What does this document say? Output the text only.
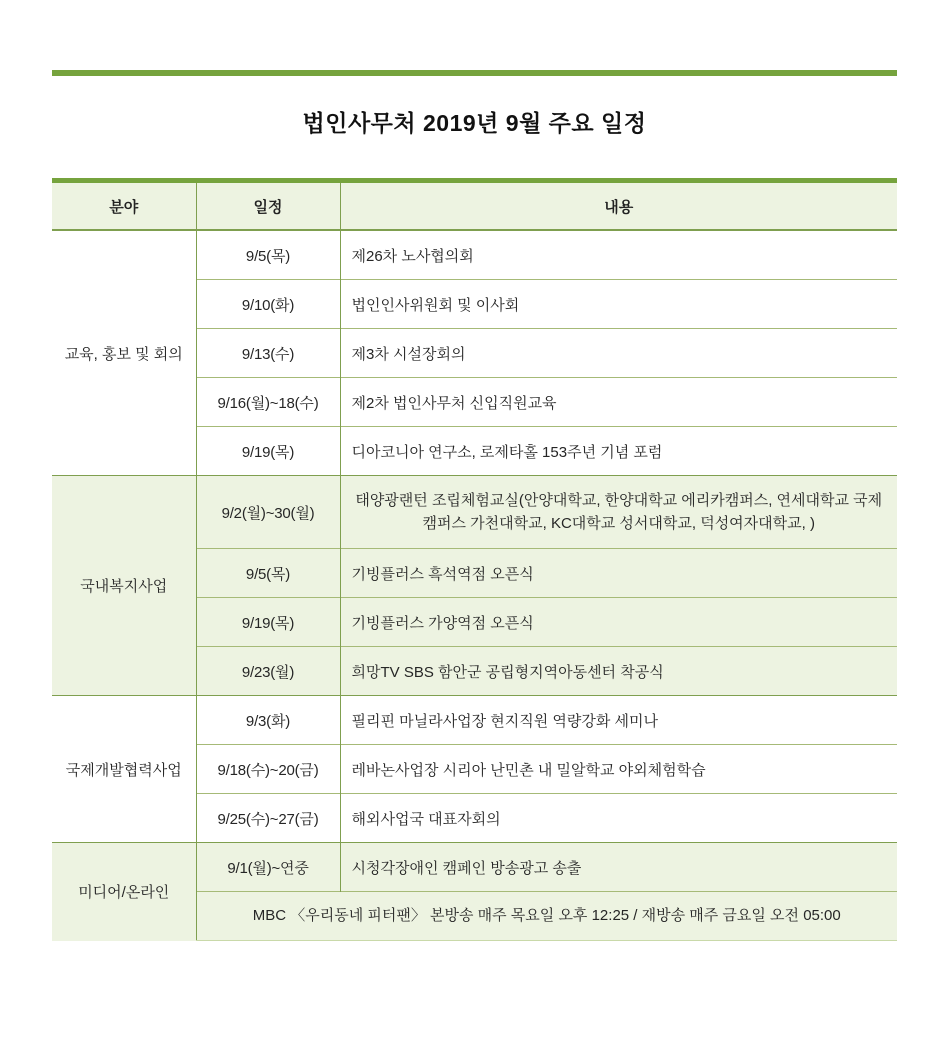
법인사무처 2019년 9월 주요 일정
분야	일정	내용
교육, 홍보 및 회의	9/5(목)	제26차 노사협의회
	9/10(화)	법인인사위원회 및 이사회
	9/13(수)	제3차 시설장회의
	9/16(월)~18(수)	제2차 법인사무처 신입직원교육
	9/19(목)	디아코니아 연구소, 로제타홀 153주년 기념 포럼
국내복지사업	9/2(월)~30(월)	태양광랜턴 조립체험교실(안양대학교, 한양대학교 에리카캠퍼스, 연세대학교 국제캠퍼스 가천대학교, KC대학교 성서대학교, 덕성여자대학교, )
	9/5(목)	기빙플러스 흑석역점 오픈식
	9/19(목)	기빙플러스 가양역점 오픈식
	9/23(월)	희망TV SBS 함안군 공립형지역아동센터 착공식
국제개발협력사업	9/3(화)	필리핀 마닐라사업장 현지직원 역량강화 세미나
	9/18(수)~20(금)	레바논사업장 시리아 난민촌 내 밀알학교 야외체험학습
	9/25(수)~27(금)	해외사업국 대표자회의
미디어/온라인	9/1(월)~연중	시청각장애인 캠페인 방송광고 송출
	MBC 〈우리동네 피터팬〉 본방송 매주 목요일 오후 12:25 / 재방송 매주 금요일 오전 05:00	
